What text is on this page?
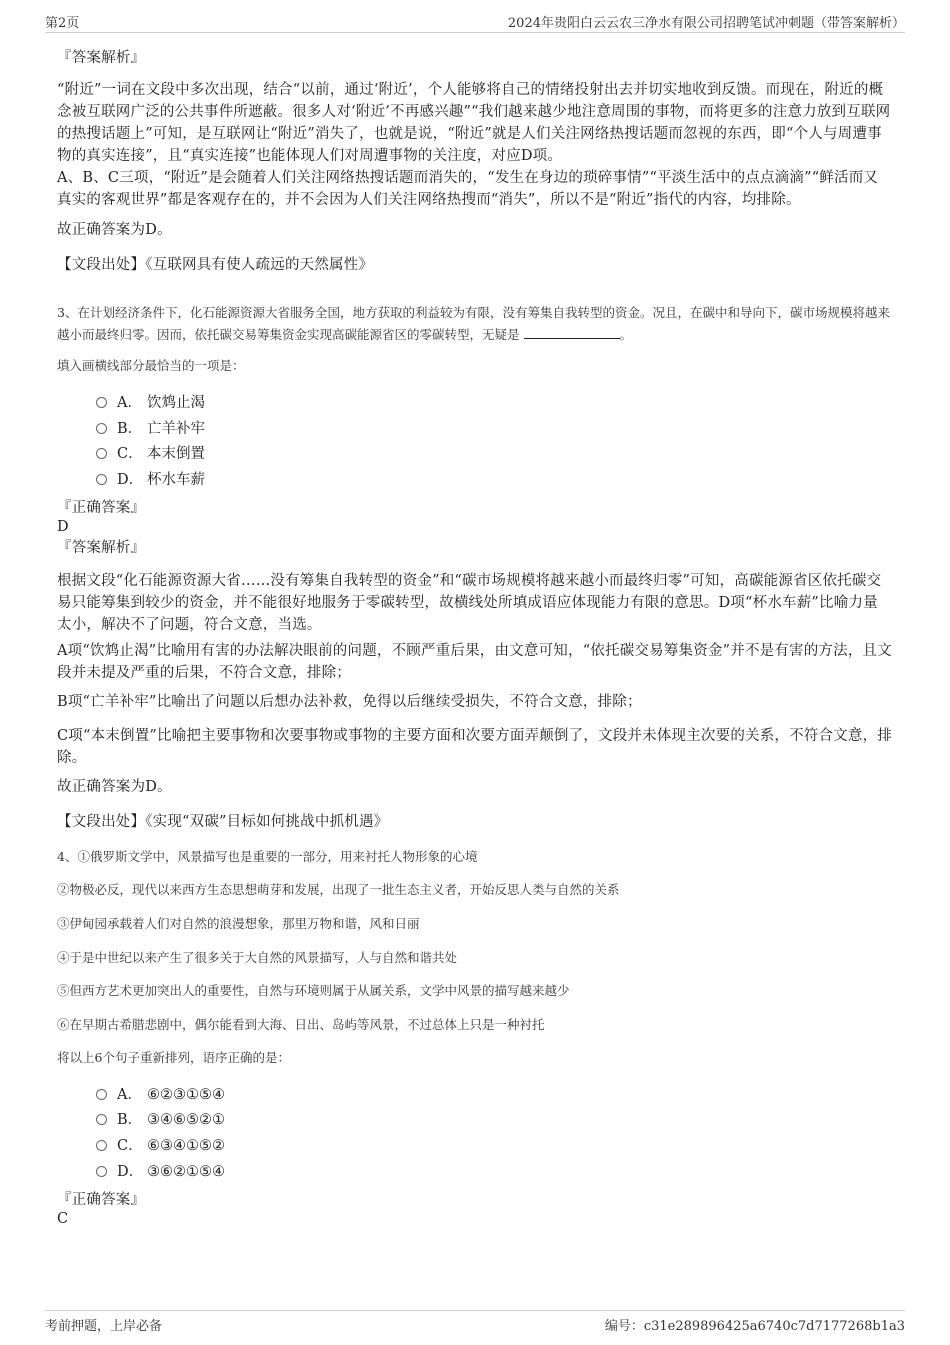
第2页	2024年贵阳白云云农三净水有限公司招聘笔试冲刺题（带答案解析）
『答案解析』
“附近”一词在文段中多次出现，结合“以前，通过‘附近’，个人能够将自己的情绪投射出去并切实地收到反馈。而现在，附近的概念被互联网广泛的公共事件所遮蔽。很多人对‘附近’不再感兴趣”“我们越来越少地注意周围的事物，而将更多的注意力放到互联网的热搜话题上”可知，是互联网让“附近”消失了，也就是说，“附近”就是人们关注网络热搜话题而忽视的东西，即“个人与周遭事物的真实连接”，且“真实连接”也能体现人们对周遭事物的关注度，对应D项。
A、B、C三项，“附近”是会随着人们关注网络热搜话题而消失的，“发生在身边的琐碎事情”“平淡生活中的点点滴滴”“鲜活而又真实的客观世界”都是客观存在的，并不会因为人们关注网络热搜而“消失”，所以不是“附近”指代的内容，均排除。
故正确答案为D。
【文段出处】《互联网具有使人疏远的天然属性》
3、在计划经济条件下，化石能源资源大省服务全国，地方获取的利益较为有限，没有筹集自我转型的资金。况且，在碳中和导向下，碳市场规模将越来越小而最终归零。因而，依托碳交易筹集资金实现高碳能源省区的零碳转型，无疑是	。
填入画横线部分最恰当的一项是：
A． 饮鸩止渴
B． 亡羊补牢
C． 本末倒置
D． 杯水车薪
『正确答案』
D
『答案解析』
根据文段“化石能源资源大省……没有筹集自我转型的资金”和“碳市场规模将越来越小而最终归零”可知，高碳能源省区依托碳交易只能筹集到较少的资金，并不能很好地服务于零碳转型，故横线处所填成语应体现能力有限的意思。D项“杯水车薪”比喻力量太小，解决不了问题，符合文意，当选。
A项“饮鸩止渴”比喻用有害的办法解决眼前的问题，不顾严重后果，由文意可知，“依托碳交易筹集资金”并不是有害的方法，且文段并未提及严重的后果，不符合文意，排除；
B项“亡羊补牢”比喻出了问题以后想办法补救，免得以后继续受损失，不符合文意，排除；
C项“本末倒置”比喻把主要事物和次要事物或事物的主要方面和次要方面弄颠倒了，文段并未体现主次要的关系，不符合文意，排除。
故正确答案为D。
【文段出处】《实现“双碳”目标如何挑战中抓机遇》
4、①俄罗斯文学中，风景描写也是重要的一部分，用来衬托人物形象的心境
②物极必反，现代以来西方生态思想萌芽和发展，出现了一批生态主义者，开始反思人类与自然的关系
③伊甸园承载着人们对自然的浪漫想象，那里万物和谐，风和日丽
④于是中世纪以来产生了很多关于大自然的风景描写，人与自然和谐共处
⑤但西方艺术更加突出人的重要性，自然与环境则属于从属关系，文学中风景的描写越来越少
⑥在早期古希腊悲剧中，偶尔能看到大海、日出、岛屿等风景，不过总体上只是一种衬托
将以上6个句子重新排列，语序正确的是：
A． ⑥②③①⑤④
B． ③④⑥⑤②①
C． ⑥③④①⑤②
D． ③⑥②①⑤④
『正确答案』
C
考前押题，上岸必备	编号：c31e289896425a6740c7d7177268b1a3
